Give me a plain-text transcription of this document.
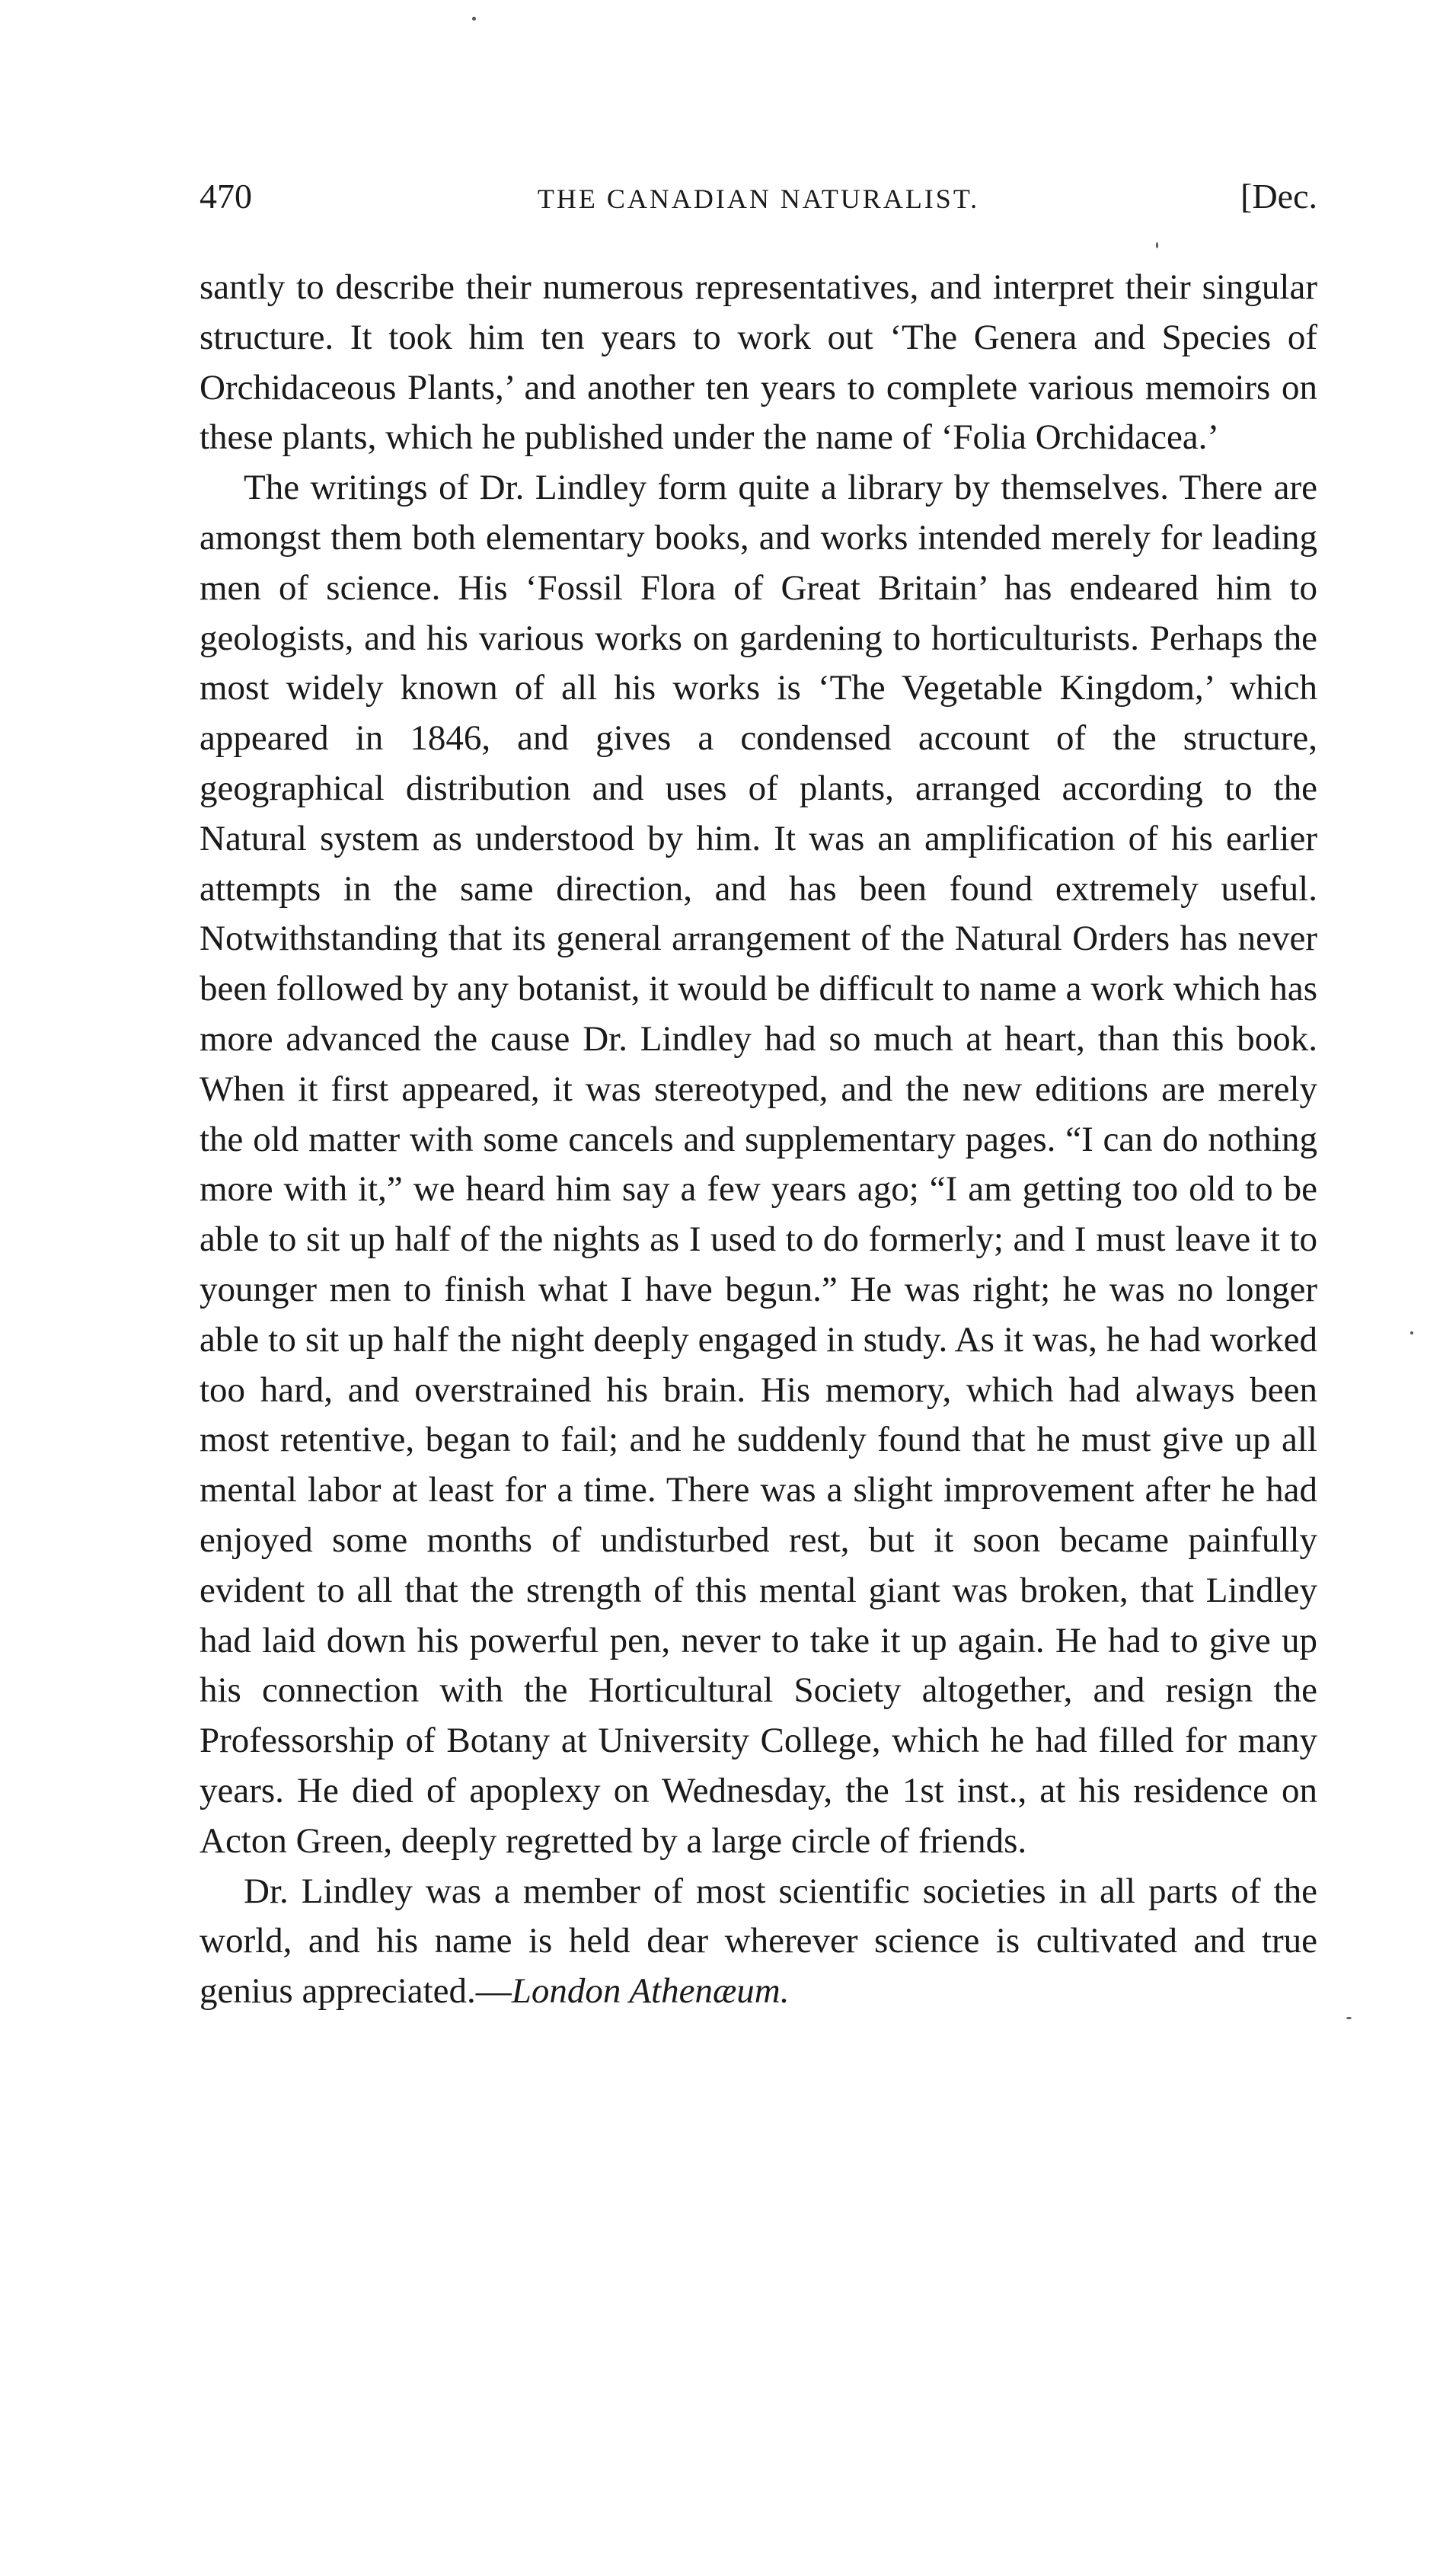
470	THE CANADIAN NATURALIST.	[Dec.

santly to describe their numerous representatives, and interpret their singular structure. It took him ten years to work out ‘The Genera and Species of Orchidaceous Plants,’ and another ten years to complete various memoirs on these plants, which he published under the name of ‘Folia Orchidacea.’

The writings of Dr. Lindley form quite a library by themselves. There are amongst them both elementary books, and works intended merely for leading men of science. His ‘Fossil Flora of Great Britain’ has endeared him to geologists, and his various works on gardening to horticulturists. Perhaps the most widely known of all his works is ‘The Vegetable Kingdom,’ which appeared in 1846, and gives a condensed account of the structure, geographical distribution and uses of plants, arranged according to the Natural system as understood by him. It was an amplification of his earlier attempts in the same direction, and has been found extremely useful. Notwithstanding that its general arrangement of the Natural Orders has never been followed by any botanist, it would be difficult to name a work which has more advanced the cause Dr. Lindley had so much at heart, than this book. When it first appeared, it was stereotyped, and the new editions are merely the old matter with some cancels and supplementary pages. “I can do nothing more with it,” we heard him say a few years ago; “I am getting too old to be able to sit up half of the nights as I used to do formerly; and I must leave it to younger men to finish what I have begun.” He was right; he was no longer able to sit up half the night deeply engaged in study. As it was, he had worked too hard, and overstrained his brain. His memory, which had always been most retentive, began to fail; and he suddenly found that he must give up all mental labor at least for a time. There was a slight improvement after he had enjoyed some months of undisturbed rest, but it soon became painfully evident to all that the strength of this mental giant was broken, that Lindley had laid down his powerful pen, never to take it up again. He had to give up his connection with the Horticultural Society altogether, and resign the Professorship of Botany at University College, which he had filled for many years. He died of apoplexy on Wednesday, the 1st inst., at his residence on Acton Green, deeply regretted by a large circle of friends.

Dr. Lindley was a member of most scientific societies in all parts of the world, and his name is held dear wherever science is cultivated and true genius appreciated.—London Athenæum.
